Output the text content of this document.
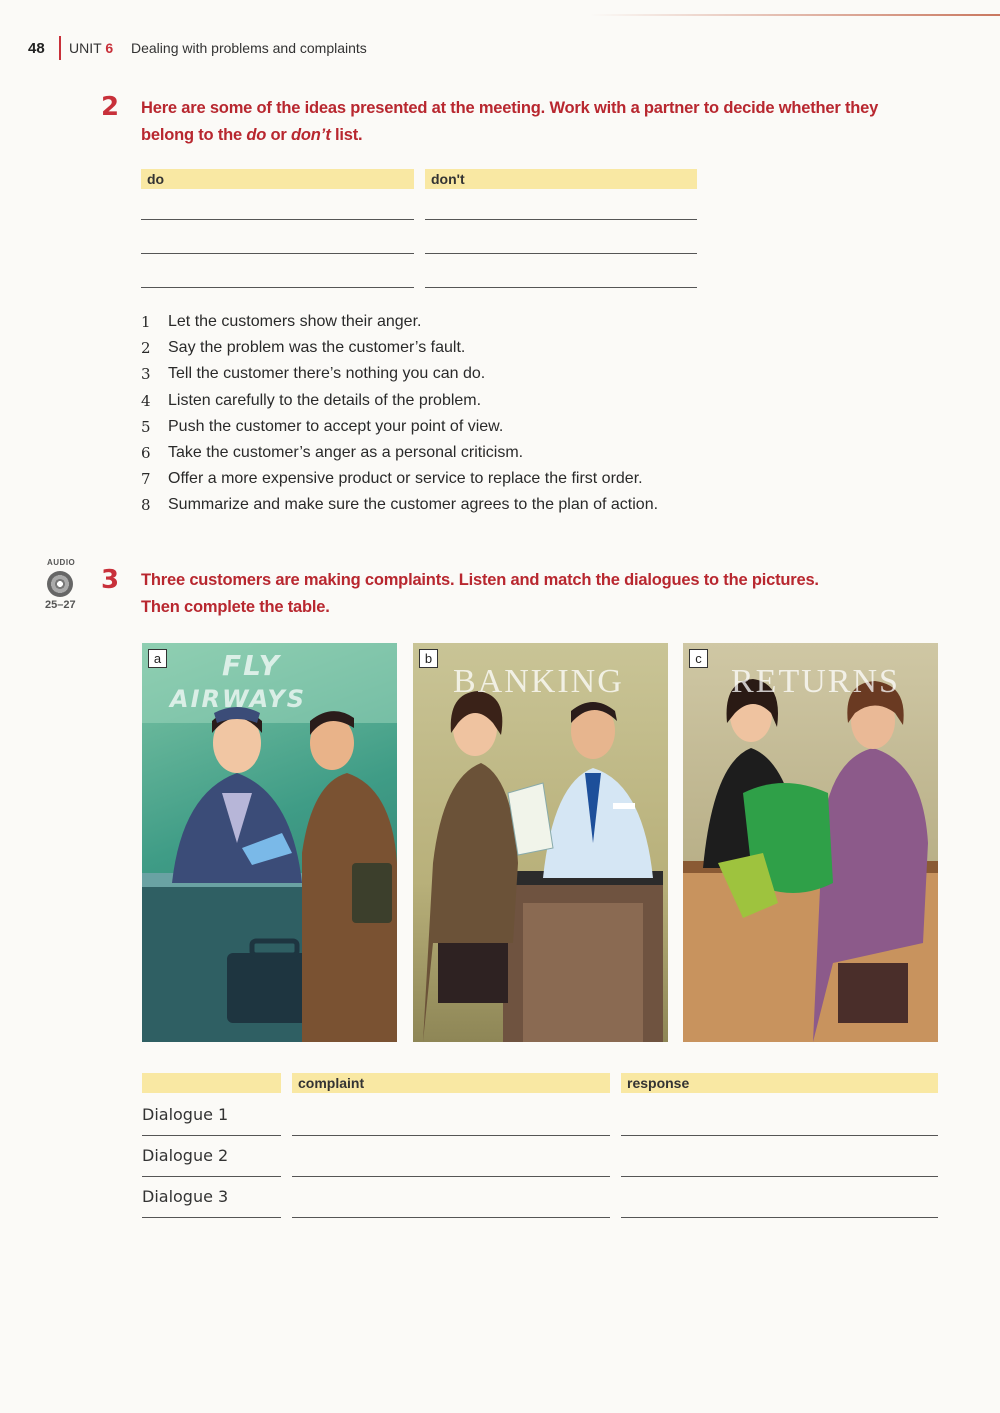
48 UNIT 6 Dealing with problems and complaints
2 Here are some of the ideas presented at the meeting. Work with a partner to decide whether they
belong to the do or don’t list.
do	don't
1	Let the customers show their anger.
2	Say the problem was the customer’s fault.
3	Tell the customer there’s nothing you can do.
4	Listen carefully to the details of the problem.
5	Push the customer to accept your point of view.
6	Take the customer’s anger as a personal criticism.
7	Offer a more expensive product or service to replace the first order.
8	Summarize and make sure the customer agrees to the plan of action.
AUDIO
25–27
3 Three customers are making complaints. Listen and match the dialogues to the pictures.
Then complete the table.
a FLY
AIRWAYS
b
BANKING
c
RETURNS
complaint	response
Dialogue 1
Dialogue 2
Dialogue 3
